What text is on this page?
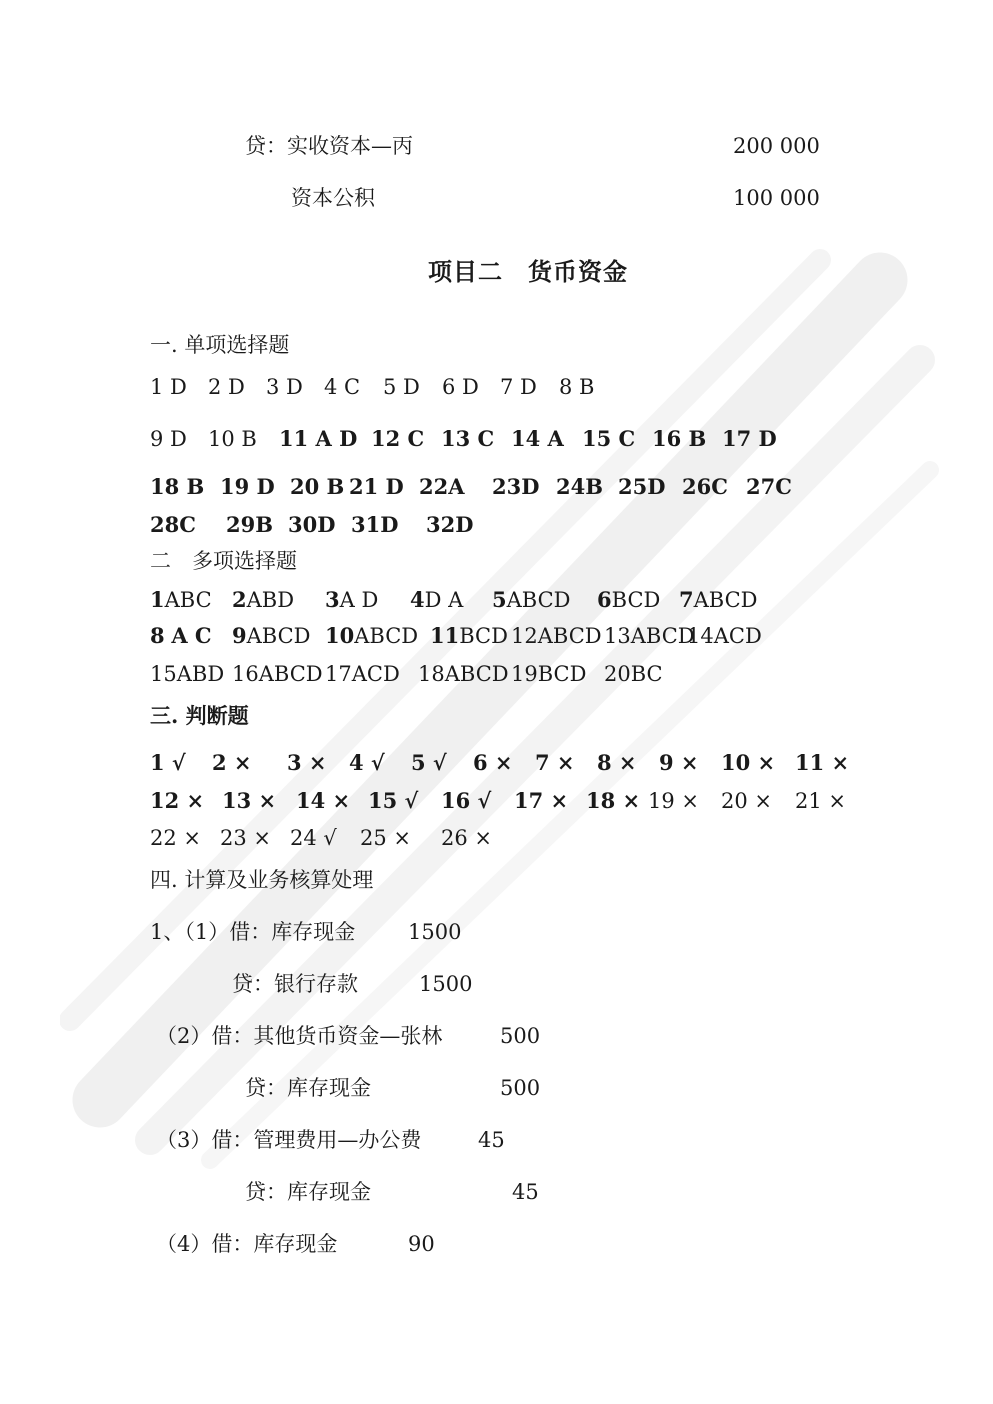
贷：实收资本—丙	200 000
资本公积	100 000
项目二　货币资金
一. 单项选择题
1 D 2 D 3 D 4 C 5 D 6 D 7 D 8 B
9 D 10 B 11 A D 12 C 13 C 14 A 15 C 16 B 17 D
18 B 19 D 20 B 21 D 22A 23D 24B 25D 26C 27C
28C 29B 30D 31D 32D
二　多项选择题
1ABC 2ABD 3A D 4D A 5ABCD 6BCD 7ABCD
8 A C 9ABCD 10ABCD 11BCD 12ABCD 13ABCD
14ACD
15ABD 16ABCD 17ACD 18ABCD 19BCD 20BC
三. 判断题
1 √ 2 × 3 × 4 √ 5 √ 6 × 7 × 8 × 9 × 10 × 11 ×
12 × 13 × 14 × 15 √ 16 √ 17 × 18 × 19 × 20 × 21 ×
22 × 23 × 24 √ 25 × 26 ×
四. 计算及业务核算处理
1、（1）借：库存现金	1500
贷：银行存款	1500
（2）借：其他货币资金—张林	500
贷：库存现金	500
（3）借：管理费用—办公费	45
贷：库存现金	45
（4）借：库存现金	90
